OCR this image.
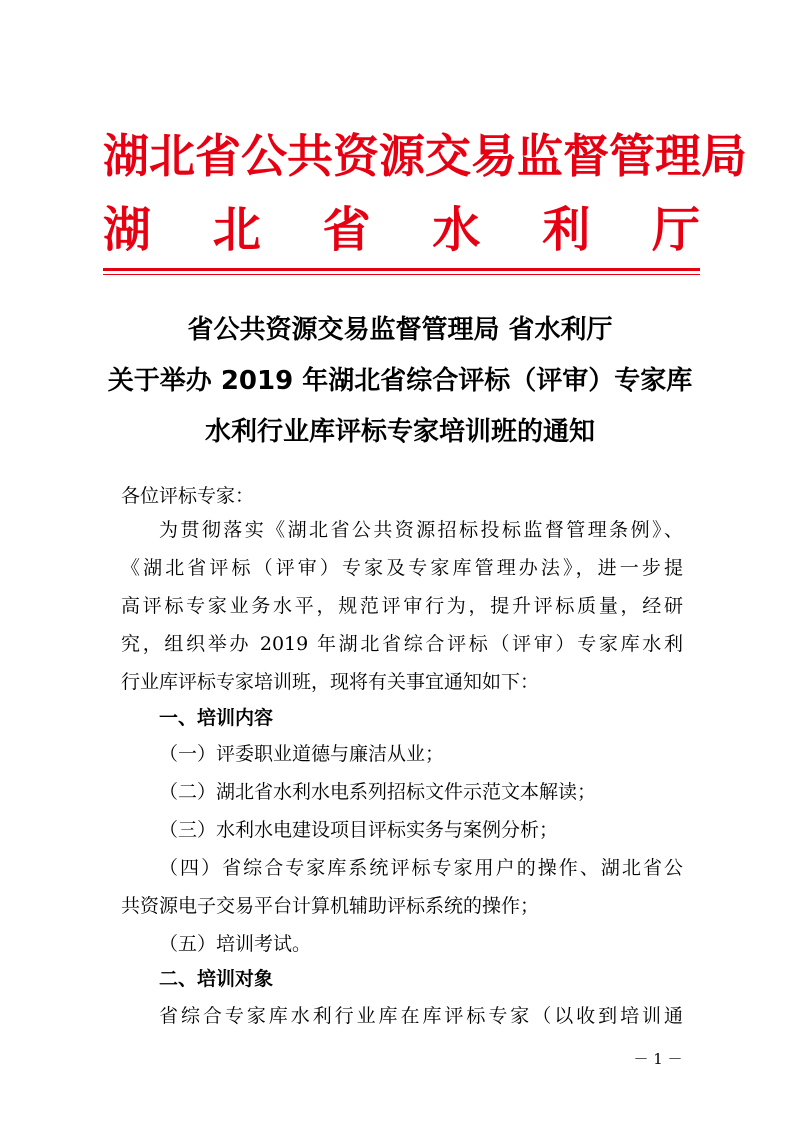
湖北省公共资源交易监督管理局
湖 北 省 水 利 厅
省公共资源交易监督管理局 省水利厅
关于举办 2019 年湖北省综合评标（评审）专家库
水利行业库评标专家培训班的通知
各位评标专家：
为贯彻落实《湖北省公共资源招标投标监督管理条例》、
《湖北省评标（评审）专家及专家库管理办法》，进一步提
高评标专家业务水平，规范评审行为，提升评标质量，经研
究，组织举办 2019 年湖北省综合评标（评审）专家库水利
行业库评标专家培训班，现将有关事宜通知如下：
一、培训内容
（一）评委职业道德与廉洁从业；
（二）湖北省水利水电系列招标文件示范文本解读；
（三）水利水电建设项目评标实务与案例分析；
（四）省综合专家库系统评标专家用户的操作、湖北省公
共资源电子交易平台计算机辅助评标系统的操作；
（五）培训考试。
二、培训对象
省综合专家库水利行业库在库评标专家（以收到培训通
－ 1 －
